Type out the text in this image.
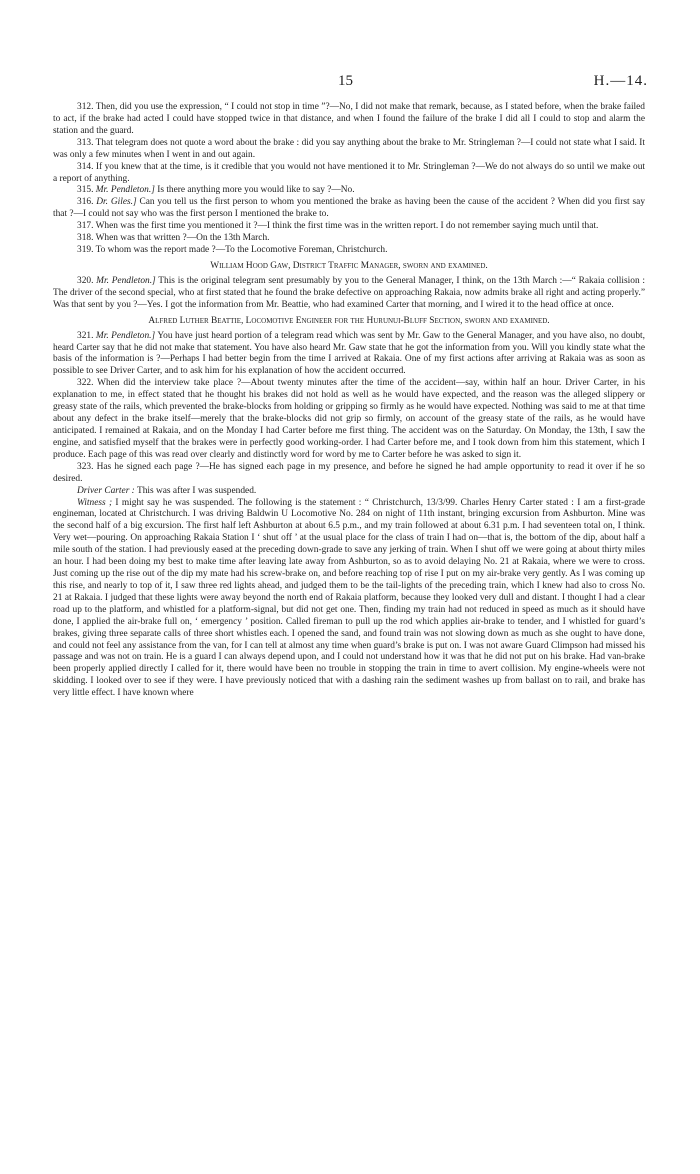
15	H.—14.

312. Then, did you use the expression, “ I could not stop in time ”?—No, I did not make that remark, because, as I stated before, when the brake failed to act, if the brake had acted I could have stopped twice in that distance, and when I found the failure of the brake I did all I could to stop and alarm the station and the guard.

313. That telegram does not quote a word about the brake : did you say anything about the brake to Mr. Stringleman ?—I could not state what I said. It was only a few minutes when I went in and out again.

314. If you knew that at the time, is it credible that you would not have mentioned it to Mr. Stringleman ?—We do not always do so until we make out a report of anything.

315. Mr. Pendleton.] Is there anything more you would like to say ?—No.

316. Dr. Giles.] Can you tell us the first person to whom you mentioned the brake as having been the cause of the accident ? When did you first say that ?—I could not say who was the first person I mentioned the brake to.

317. When was the first time you mentioned it ?—I think the first time was in the written report. I do not remember saying much until that.

318. When was that written ?—On the 13th March.

319. To whom was the report made ?—To the Locomotive Foreman, Christchurch.

William Hood Gaw, District Traffic Manager, sworn and examined.

320. Mr. Pendleton.] This is the original telegram sent presumably by you to the General Manager, I think, on the 13th March :—“ Rakaia collision : The driver of the second special, who at first stated that he found the brake defective on approaching Rakaia, now admits brake all right and acting properly.” Was that sent by you ?—Yes. I got the information from Mr. Beattie, who had examined Carter that morning, and I wired it to the head office at once.

Alfred Luther Beattie, Locomotive Engineer for the Hurunui-Bluff Section, sworn and examined.

321. Mr. Pendleton.] You have just heard portion of a telegram read which was sent by Mr. Gaw to the General Manager, and you have also, no doubt, heard Carter say that he did not make that statement. You have also heard Mr. Gaw state that he got the information from you. Will you kindly state what the basis of the information is ?—Perhaps I had better begin from the time I arrived at Rakaia. One of my first actions after arriving at Rakaia was as soon as possible to see Driver Carter, and to ask him for his explanation of how the accident occurred.

322. When did the interview take place ?—About twenty minutes after the time of the accident—say, within half an hour. Driver Carter, in his explanation to me, in effect stated that he thought his brakes did not hold as well as he would have expected, and the reason was the alleged slippery or greasy state of the rails, which prevented the brake-blocks from holding or gripping so firmly as he would have expected. Nothing was said to me at that time about any defect in the brake itself—merely that the brake-blocks did not grip so firmly, on account of the greasy state of the rails, as he would have anticipated. I remained at Rakaia, and on the Monday I had Carter before me first thing. The accident was on the Saturday. On Monday, the 13th, I saw the engine, and satisfied myself that the brakes were in perfectly good working-order. I had Carter before me, and I took down from him this statement, which I produce. Each page of this was read over clearly and distinctly word for word by me to Carter before he was asked to sign it.

323. Has he signed each page ?—He has signed each page in my presence, and before he signed he had ample opportunity to read it over if he so desired.

Driver Carter : This was after I was suspended.

Witness ; I might say he was suspended. The following is the statement : “ Christchurch, 13/3/99. Charles Henry Carter stated : I am a first-grade engineman, located at Christchurch. I was driving Baldwin U Locomotive No. 284 on night of 11th instant, bringing excursion from Ashburton. Mine was the second half of a big excursion. The first half left Ashburton at about 6.5 p.m., and my train followed at about 6.31 p.m. I had seventeen total on, I think. Very wet—pouring. On approaching Rakaia Station I ‘ shut off ’ at the usual place for the class of train I had on—that is, the bottom of the dip, about half a mile south of the station. I had previously eased at the preceding down-grade to save any jerking of train. When I shut off we were going at about thirty miles an hour. I had been doing my best to make time after leaving late away from Ashburton, so as to avoid delaying No. 21 at Rakaia, where we were to cross. Just coming up the rise out of the dip my mate had his screw-brake on, and before reaching top of rise I put on my air-brake very gently. As I was coming up this rise, and nearly to top of it, I saw three red lights ahead, and judged them to be the tail-lights of the preceding train, which I knew had also to cross No. 21 at Rakaia. I judged that these lights were away beyond the north end of Rakaia platform, because they looked very dull and distant. I thought I had a clear road up to the platform, and whistled for a platform-signal, but did not get one. Then, finding my train had not reduced in speed as much as it should have done, I applied the air-brake full on, ‘ emergency ’ position. Called fireman to pull up the rod which applies air-brake to tender, and I whistled for guard’s brakes, giving three separate calls of three short whistles each. I opened the sand, and found train was not slowing down as much as she ought to have done, and could not feel any assistance from the van, for I can tell at almost any time when guard’s brake is put on. I was not aware Guard Climpson had missed his passage and was not on train. He is a guard I can always depend upon, and I could not understand how it was that he did not put on his brake. Had van-brake been properly applied directly I called for it, there would have been no trouble in stopping the train in time to avert collision. My engine-wheels were not skidding. I looked over to see if they were. I have previously noticed that with a dashing rain the sediment washes up from ballast on to rail, and brake has very little effect. I have known where
